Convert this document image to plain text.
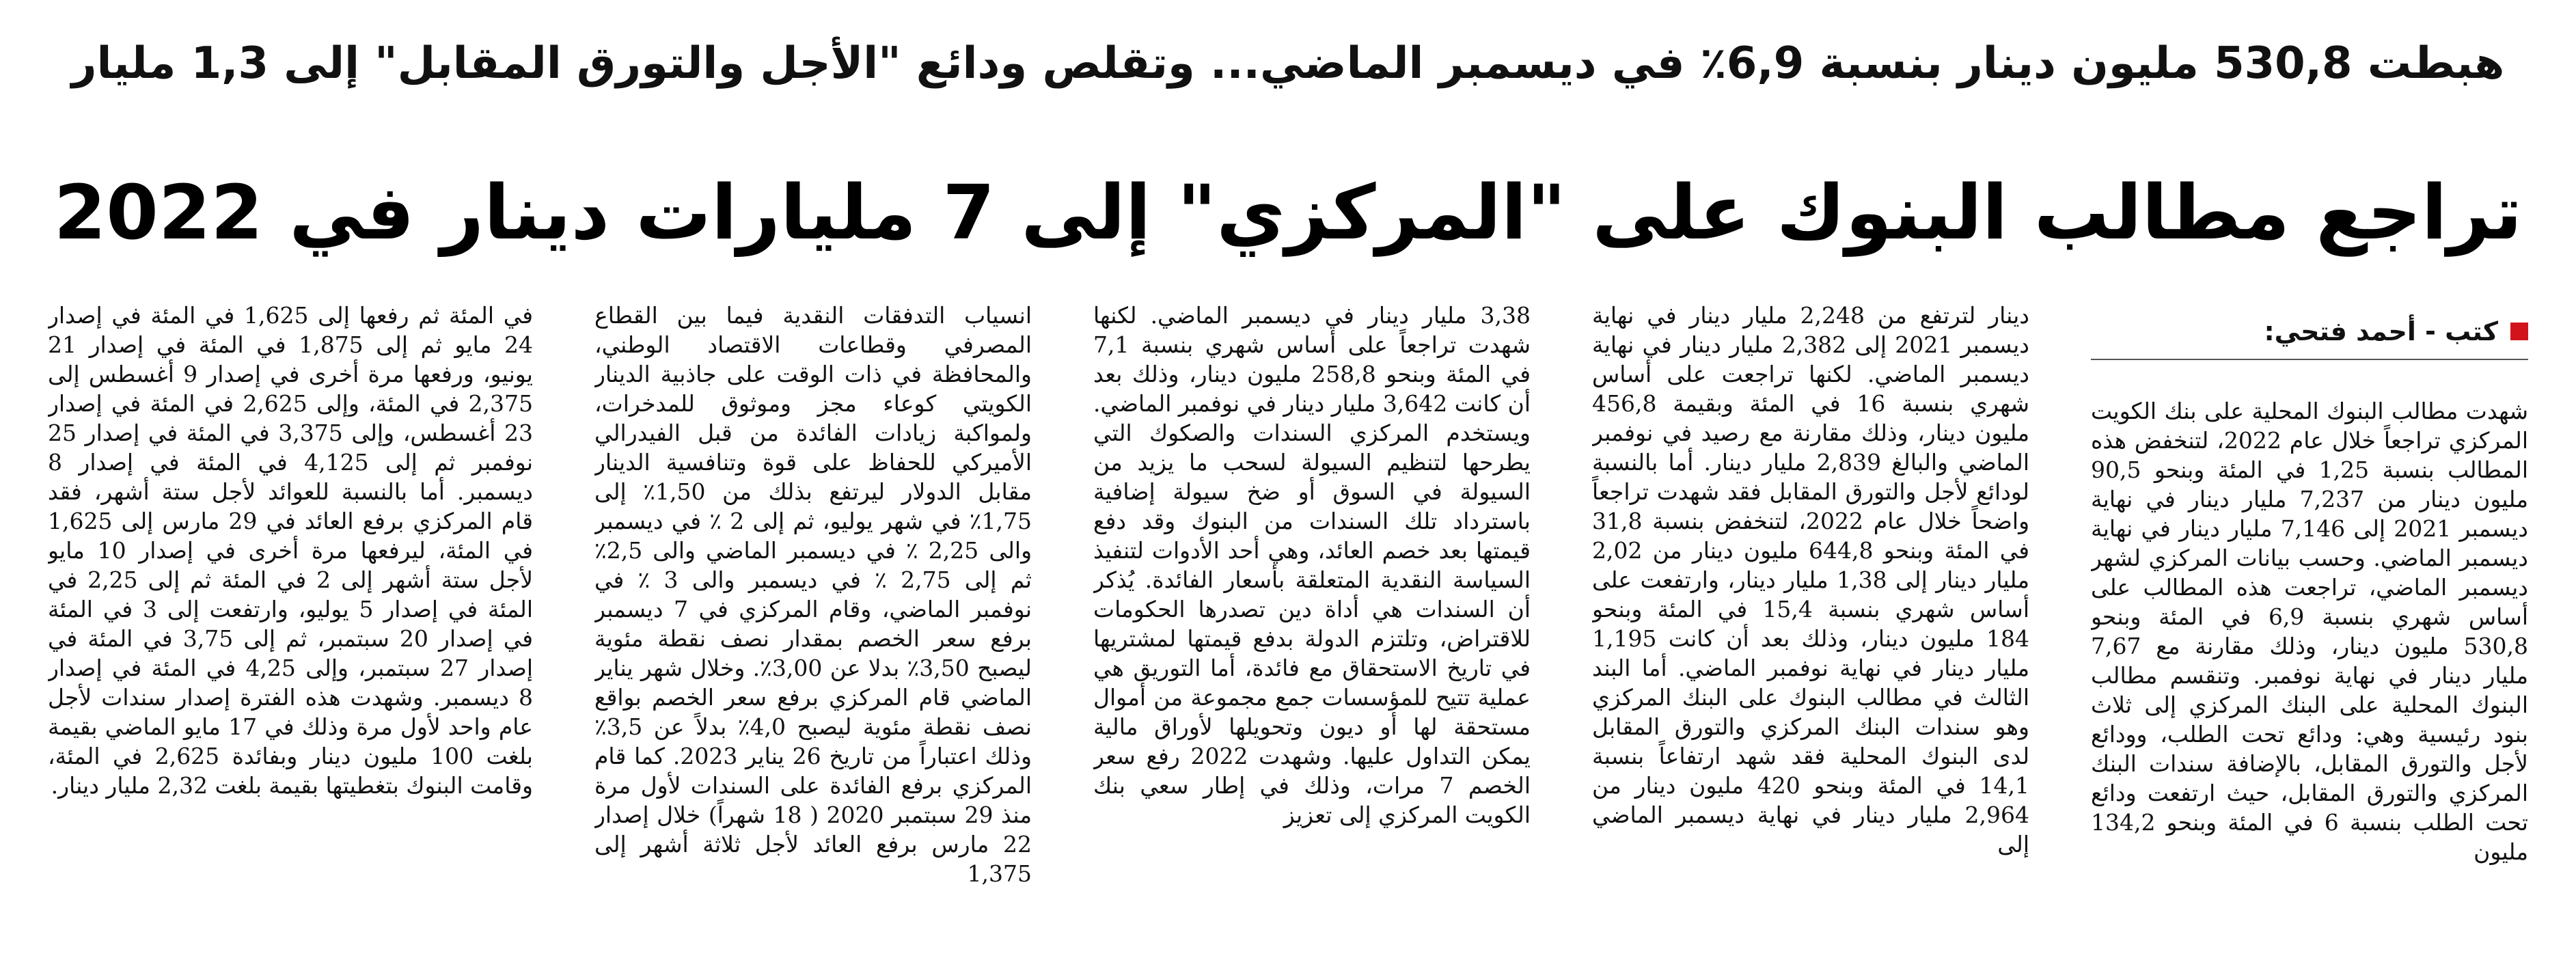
هبطت 530,8 مليون دينار بنسبة 6,9٪ في ديسمبر الماضي... وتقلص ودائع "الأجل والتورق المقابل" إلى 1,3 مليار
تراجع مطالب البنوك على "المركزي" إلى 7 مليارات دينار في 2022
كتب - أحمد فتحي:

شهدت مطالب البنوك المحلية على بنك الكويت المركزي تراجعاً خلال عام 2022، لتنخفض هذه المطالب بنسبة 1,25 في المئة وبنحو 90,5 مليون دينار من 7,237 مليار دينار في نهاية ديسمبر 2021 إلى 7,146 مليار دينار في نهاية ديسمبر الماضي. وحسب بيانات المركزي لشهر ديسمبر الماضي، تراجعت هذه المطالب على أساس شهري بنسبة 6,9 في المئة وبنحو 530,8 مليون دينار، وذلك مقارنة مع 7,67 مليار دينار في نهاية نوفمبر. وتنقسم مطالب البنوك المحلية على البنك المركزي إلى ثلاث بنود رئيسية وهي: ودائع تحت الطلب، وودائع لأجل والتورق المقابل، بالإضافة سندات البنك المركزي والتورق المقابل، حيث ارتفعت ودائع تحت الطلب بنسبة 6 في المئة وبنحو 134,2 مليون

دينار لترتفع من 2,248 مليار دينار في نهاية ديسمبر 2021 إلى 2,382 مليار دينار في نهاية ديسمبر الماضي. لكنها تراجعت على أساس شهري بنسبة 16 في المئة وبقيمة 456,8 مليون دينار، وذلك مقارنة مع رصيد في نوفمبر الماضي والبالغ 2,839 مليار دينار. أما بالنسبة لودائع لأجل والتورق المقابل فقد شهدت تراجعاً واضحاً خلال عام 2022، لتنخفض بنسبة 31,8 في المئة وبنحو 644,8 مليون دينار من 2,02 مليار دينار إلى 1,38 مليار دينار، وارتفعت على أساس شهري بنسبة 15,4 في المئة وبنحو 184 مليون دينار، وذلك بعد أن كانت 1,195 مليار دينار في نهاية نوفمبر الماضي. أما البند الثالث في مطالب البنوك على البنك المركزي وهو سندات البنك المركزي والتورق المقابل لدى البنوك المحلية فقد شهد ارتفاعاً بنسبة 14,1 في المئة وبنحو 420 مليون دينار من 2,964 مليار دينار في نهاية ديسمبر الماضي إلى

3,38 مليار دينار في ديسمبر الماضي. لكنها شهدت تراجعاً على أساس شهري بنسبة 7,1 في المئة وبنحو 258,8 مليون دينار، وذلك بعد أن كانت 3,642 مليار دينار في نوفمبر الماضي. ويستخدم المركزي السندات والصكوك التي يطرحها لتنظيم السيولة لسحب ما يزيد من السيولة في السوق أو ضخ سيولة إضافية باسترداد تلك السندات من البنوك وقد دفع قيمتها بعد خصم العائد، وهي أحد الأدوات لتنفيذ السياسة النقدية المتعلقة بأسعار الفائدة. يُذكر أن السندات هي أداة دين تصدرها الحكومات للاقتراض، وتلتزم الدولة بدفع قيمتها لمشتريها في تاريخ الاستحقاق مع فائدة، أما التوريق هي عملية تتيح للمؤسسات جمع مجموعة من أموال مستحقة لها أو ديون وتحويلها لأوراق مالية يمكن التداول عليها. وشهدت 2022 رفع سعر الخصم 7 مرات، وذلك في إطار سعي بنك الكويت المركزي إلى تعزيز

انسياب التدفقات النقدية فيما بين القطاع المصرفي وقطاعات الاقتصاد الوطني، والمحافظة في ذات الوقت على جاذبية الدينار الكويتي كوعاء مجز وموثوق للمدخرات، ولمواكبة زيادات الفائدة من قبل الفيدرالي الأميركي للحفاظ على قوة وتنافسية الدينار مقابل الدولار ليرتفع بذلك من 1,50٪ إلى 1,75٪ في شهر يوليو، ثم إلى 2 ٪ في ديسمبر والى 2,25 ٪ في ديسمبر الماضي والى 2,5٪ ثم إلى 2,75 ٪ في ديسمبر والى 3 ٪ في نوفمبر الماضي، وقام المركزي في 7 ديسمبر برفع سعر الخصم بمقدار نصف نقطة مئوية ليصبح 3,50٪ بدلا عن 3,00٪. وخلال شهر يناير الماضي قام المركزي برفع سعر الخصم بواقع نصف نقطة مئوية ليصبح 4,0٪ بدلاً عن 3,5٪ وذلك اعتباراً من تاريخ 26 يناير 2023. كما قام المركزي برفع الفائدة على السندات لأول مرة منذ 29 سبتمبر 2020 ( 18 شهراً) خلال إصدار 22 مارس برفع العائد لأجل ثلاثة أشهر إلى 1,375

في المئة ثم رفعها إلى 1,625 في المئة في إصدار 24 مايو ثم إلى 1,875 في المئة في إصدار 21 يونيو، ورفعها مرة أخرى في إصدار 9 أغسطس إلى 2,375 في المئة، وإلى 2,625 في المئة في إصدار 23 أغسطس، وإلى 3,375 في المئة في إصدار 25 نوفمبر ثم إلى 4,125 في المئة في إصدار 8 ديسمبر. أما بالنسبة للعوائد لأجل ستة أشهر، فقد قام المركزي برفع العائد في 29 مارس إلى 1,625 في المئة، ليرفعها مرة أخرى في إصدار 10 مايو لأجل ستة أشهر إلى 2 في المئة ثم إلى 2,25 في المئة في إصدار 5 يوليو، وارتفعت إلى 3 في المئة في إصدار 20 سبتمبر، ثم إلى 3,75 في المئة في إصدار 27 سبتمبر، وإلى 4,25 في المئة في إصدار 8 ديسمبر. وشهدت هذه الفترة إصدار سندات لأجل عام واحد لأول مرة وذلك في 17 مايو الماضي بقيمة بلغت 100 مليون دينار وبفائدة 2,625 في المئة، وقامت البنوك بتغطيتها بقيمة بلغت 2,32 مليار دينار.
